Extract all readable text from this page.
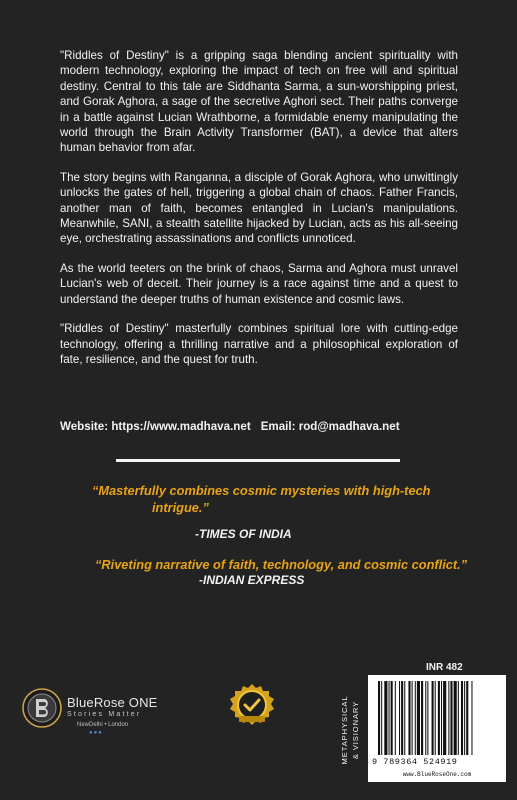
"Riddles of Destiny" is a gripping saga blending ancient spirituality with modern technology, exploring the impact of tech on free will and spiritual destiny. Central to this tale are Siddhanta Sarma, a sun-worshipping priest, and Gorak Aghora, a sage of the secretive Aghori sect. Their paths converge in a battle against Lucian Wrathborne, a formidable enemy manipulating the world through the Brain Activity Transformer (BAT), a device that alters human behavior from afar.

The story begins with Ranganna, a disciple of Gorak Aghora, who unwittingly unlocks the gates of hell, triggering a global chain of chaos. Father Francis, another man of faith, becomes entangled in Lucian's manipulations. Meanwhile, SANI, a stealth satellite hijacked by Lucian, acts as his all-seeing eye, orchestrating assassinations and conflicts unnoticed.

As the world teeters on the brink of chaos, Sarma and Aghora must unravel Lucian's web of deceit. Their journey is a race against time and a quest to understand the deeper truths of human existence and cosmic laws.

"Riddles of Destiny" masterfully combines spiritual lore with cutting-edge technology, offering a thrilling narrative and a philosophical exploration of fate, resilience, and the quest for truth.

Website: https://www.madhava.net Email: rod@madhava.net
“Masterfully combines cosmic mysteries with high-tech
intrigue.”
-TIMES OF INDIA
“Riveting narrative of faith, technology, and cosmic conflict.”
-INDIAN EXPRESS
BlueRose ONE
Stories Matter
NewDelhi • London
●●●	METAPHYSICAL & VISIONARY
INR 482
9 789364 524919
www.BlueRoseOne.com
